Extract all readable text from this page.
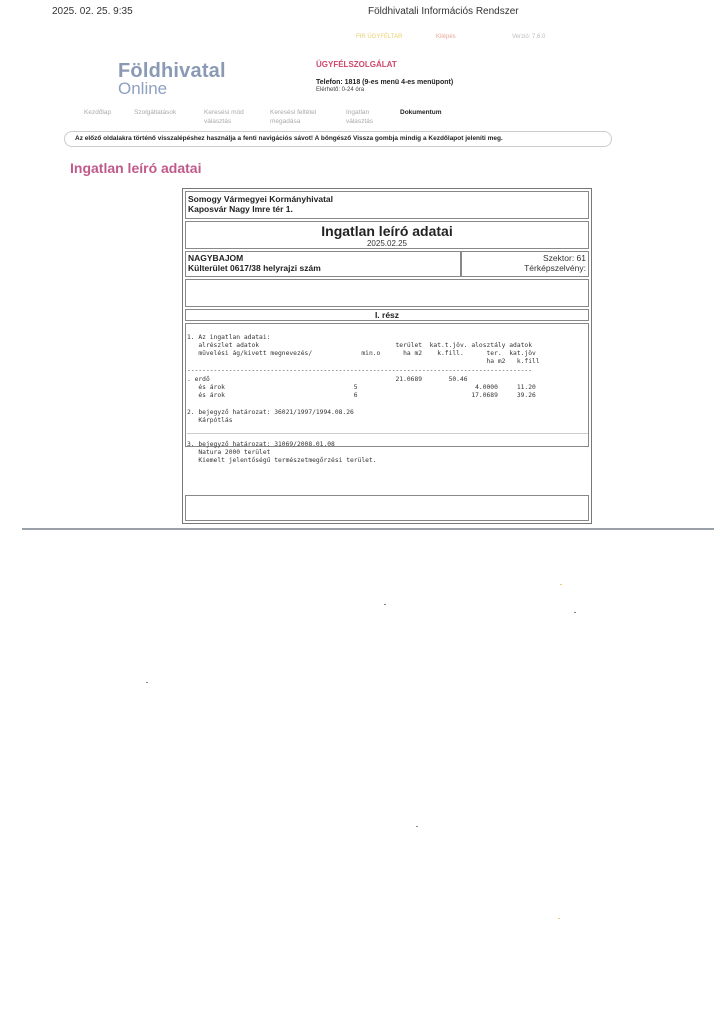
2025. 02. 25. 9:35	Földhivatali Információs Rendszer
FIR ÜGYFÉLTAR	Kilépés	Verzió: 7.6.0
Földhivatal
Online
ÜGYFÉLSZOLGÁLAT
Telefon: 1818 (9-es menü 4-es menüpont)
Elérhető: 0-24 óra
Kezdőlap	Szolgáltatások	Keresési mód
választás
Keresési feltétel
megadása
Ingatlan
választás
Dokumentum
Az előző oldalakra történő visszalépéshez használja a fenti navigációs sávot! A böngésző Vissza gombja mindig a Kezdőlapot jeleníti meg.
Ingatlan leíró adatai
Somogy Vármegyei Kormányhivatal
Kaposvár Nagy Imre tér 1.
Ingatlan leíró adatai
2025.02.25
NAGYBAJOM
Külterület 0617/38 helyrajzi szám
Szektor: 61
Térképszelvény:
I. rész
1. Az ingatlan adatai:
alrészlet adatok                                    terület  kat.t.jöv. alosztály adatok
művelési ág/kivett megnevezés/             min.o      ha m2    k.fill.      ter.  kat.jöv
ha m2   k.fill
-------------------------------------------------------------------------------------------
. erdő                                                 21.0689       50.46
és árok                                  5                               4.0000     11.20
és árok                                  6                              17.0689     39.26
2. bejegyző határozat: 36021/1997/1994.08.26
Kárpótlás
3. bejegyző határozat: 31069/2008.01.08
Natura 2000 terület
Kiemelt jelentőségű természetmegőrzési terület.
